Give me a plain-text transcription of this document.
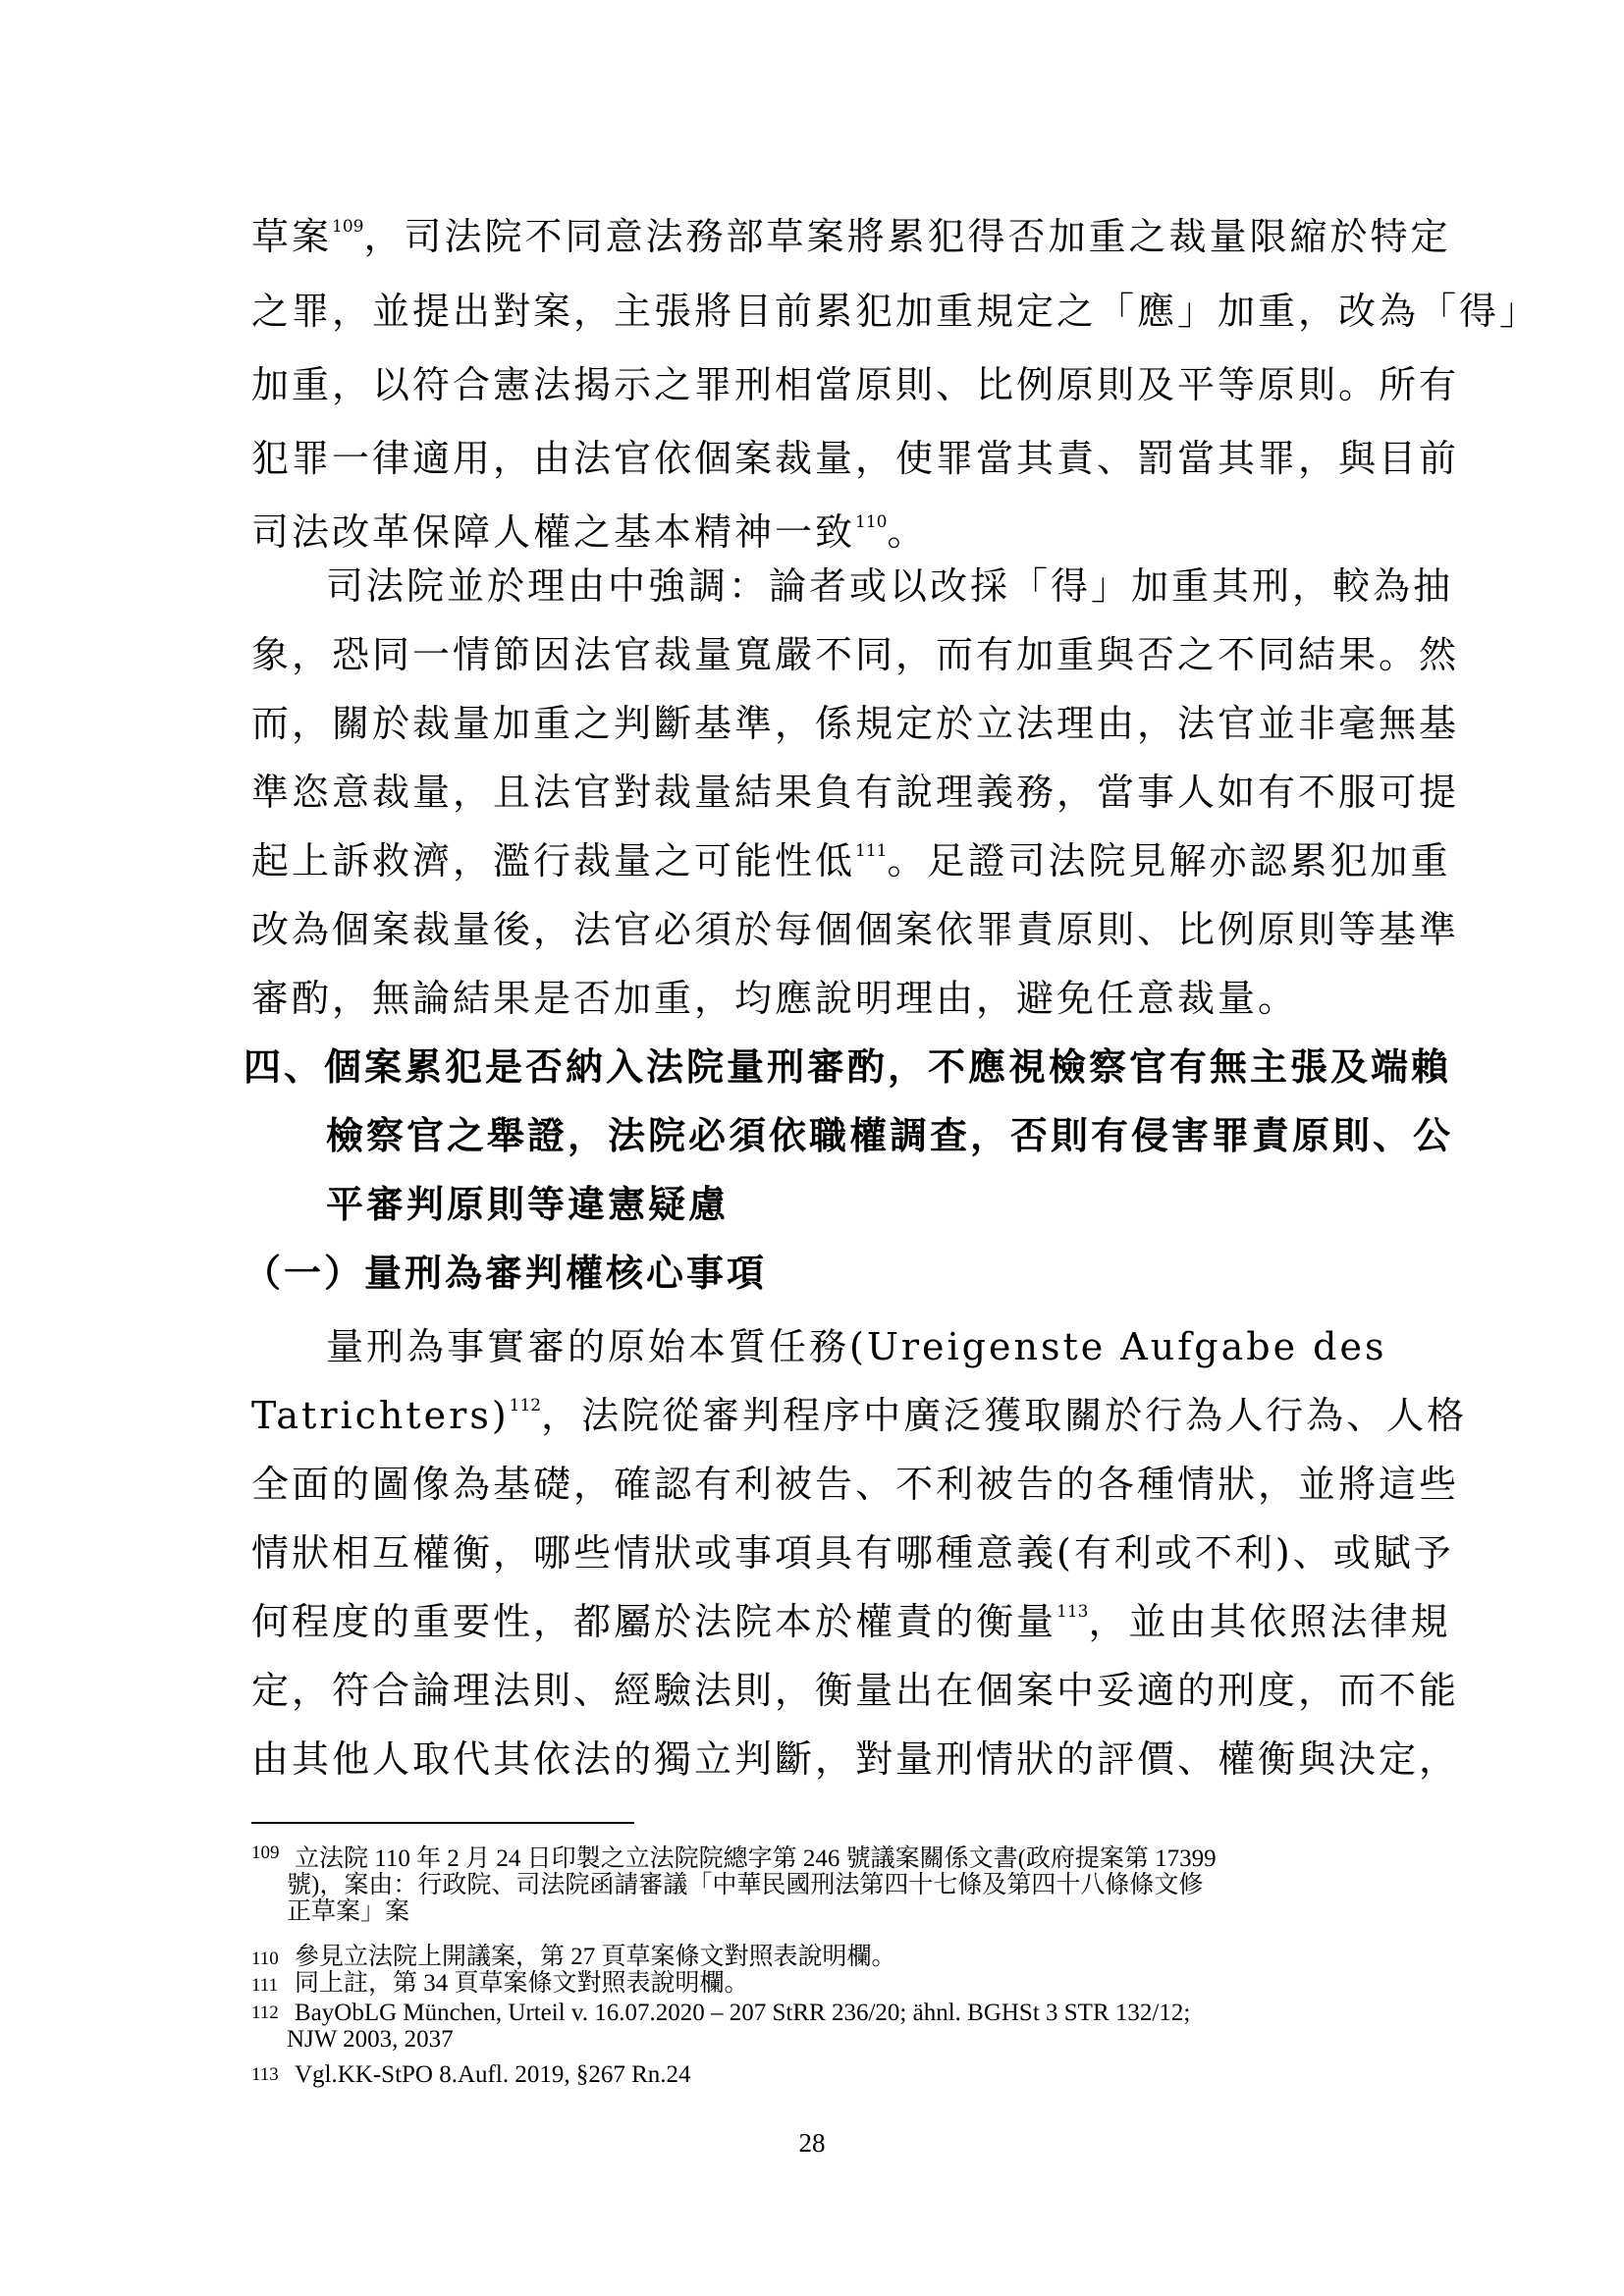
草案$^{109}$，司法院不同意法務部草案將累犯得否加重之裁量限縮於特定
之罪，並提出對案，主張將目前累犯加重規定之「應」加重，改為「得」
加重，以符合憲法揭示之罪刑相當原則、比例原則及平等原則。所有
犯罪一律適用，由法官依個案裁量，使罪當其責、罰當其罪，與目前
司法改革保障人權之基本精神一致$^{110}$。
司法院並於理由中強調：論者或以改採「得」加重其刑，較為抽
象，恐同一情節因法官裁量寬嚴不同，而有加重與否之不同結果。然
而，關於裁量加重之判斷基準，係規定於立法理由，法官並非毫無基
準恣意裁量，且法官對裁量結果負有說理義務，當事人如有不服可提
起上訴救濟，濫行裁量之可能性低$^{111}$。足證司法院見解亦認累犯加重
改為個案裁量後，法官必須於每個個案依罪責原則、比例原則等基準
審酌，無論結果是否加重，均應說明理由，避免任意裁量。
四、個案累犯是否納入法院量刑審酌，不應視檢察官有無主張及端賴
檢察官之舉證，法院必須依職權調查，否則有侵害罪責原則、公
平審判原則等違憲疑慮
（一）量刑為審判權核心事項
量刑為事實審的原始本質任務(Ureigenste Aufgabe des
Tatrichters)$^{112}$，法院從審判程序中廣泛獲取關於行為人行為、人格
全面的圖像為基礎，確認有利被告、不利被告的各種情狀，並將這些
情狀相互權衡，哪些情狀或事項具有哪種意義(有利或不利)、或賦予
何程度的重要性，都屬於法院本於權責的衡量$^{113}$，並由其依照法律規
定，符合論理法則、經驗法則，衡量出在個案中妥適的刑度，而不能
由其他人取代其依法的獨立判斷，對量刑情狀的評價、權衡與決定，
109 立法院 110 年 2 月 24 日印製之立法院院總字第 246 號議案關係文書(政府提案第 17399
號)，案由：行政院、司法院函請審議「中華民國刑法第四十七條及第四十八條條文修
正草案」案
110 參見立法院上開議案，第 27 頁草案條文對照表說明欄。
111 同上註，第 34 頁草案條文對照表說明欄。
112 BayObLG München, Urteil v. 16.07.2020 – 207 StRR 236/20; ähnl. BGHSt 3 STR 132/12;
NJW 2003, 2037
113 Vgl.KK-StPO 8.Aufl. 2019, §267 Rn.24
28
